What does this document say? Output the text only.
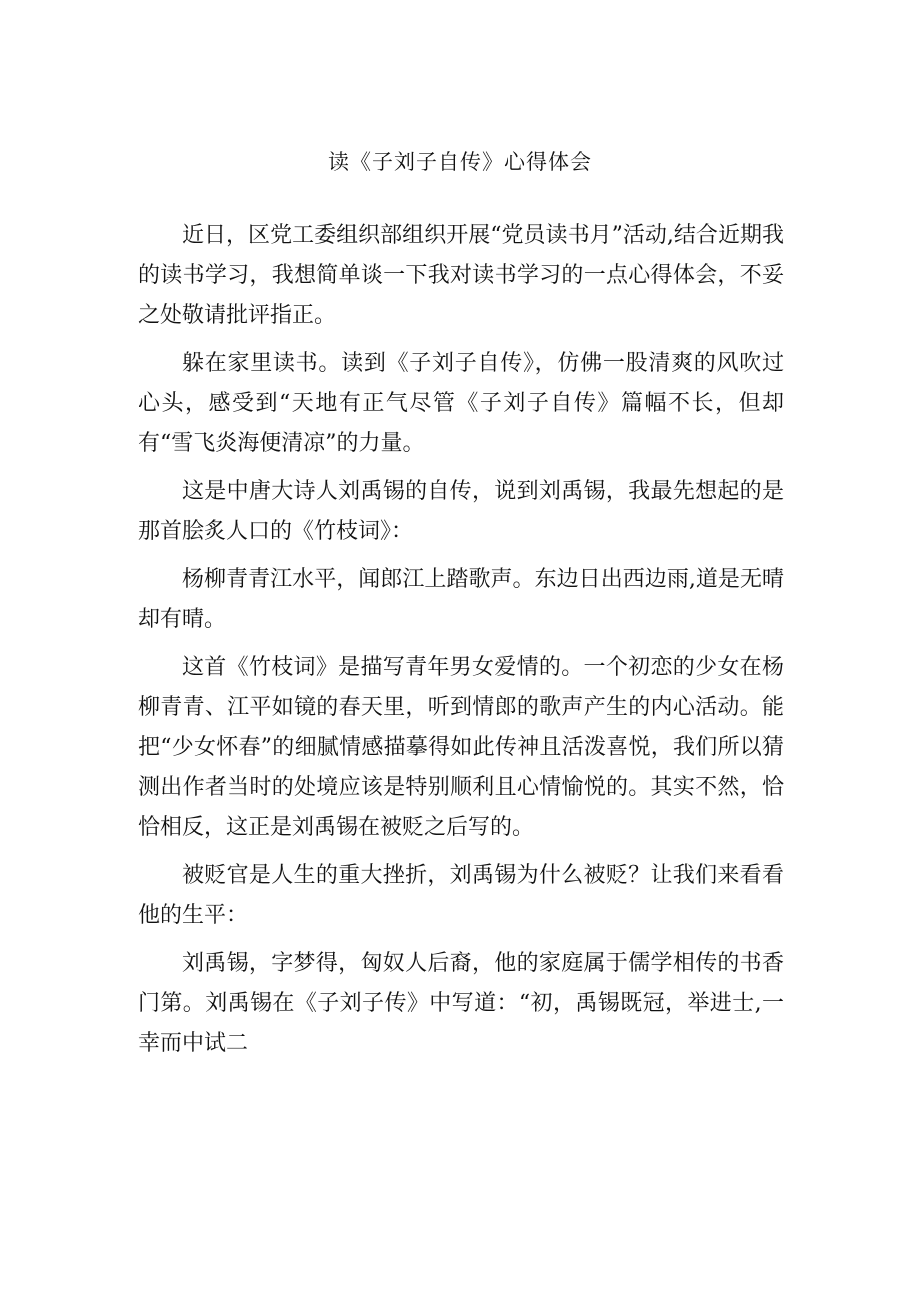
读《子刘子自传》心得体会

近日，区党工委组织部组织开展“党员读书月”活动,结合近期我的读书学习，我想简单谈一下我对读书学习的一点心得体会，不妥之处敬请批评指正。

躲在家里读书。读到《子刘子自传》，仿佛一股清爽的风吹过心头，感受到“天地有正气尽管《子刘子自传》篇幅不长，但却有“雪飞炎海便清凉”的力量。

这是中唐大诗人刘禹锡的自传，说到刘禹锡，我最先想起的是那首脍炙人口的《竹枝词》：

杨柳青青江水平，闻郎江上踏歌声。东边日出西边雨,道是无晴却有晴。

这首《竹枝词》是描写青年男女爱情的。一个初恋的少女在杨柳青青、江平如镜的春天里，听到情郎的歌声产生的内心活动。能把“少女怀春”的细腻情感描摹得如此传神且活泼喜悦，我们所以猜测出作者当时的处境应该是特别顺利且心情愉悦的。其实不然，恰恰相反，这正是刘禹锡在被贬之后写的。

被贬官是人生的重大挫折，刘禹锡为什么被贬？让我们来看看他的生平：

刘禹锡，字梦得，匈奴人后裔，他的家庭属于儒学相传的书香门第。刘禹锡在《子刘子传》中写道：“初，禹锡既冠，举进士,一幸而中试二
